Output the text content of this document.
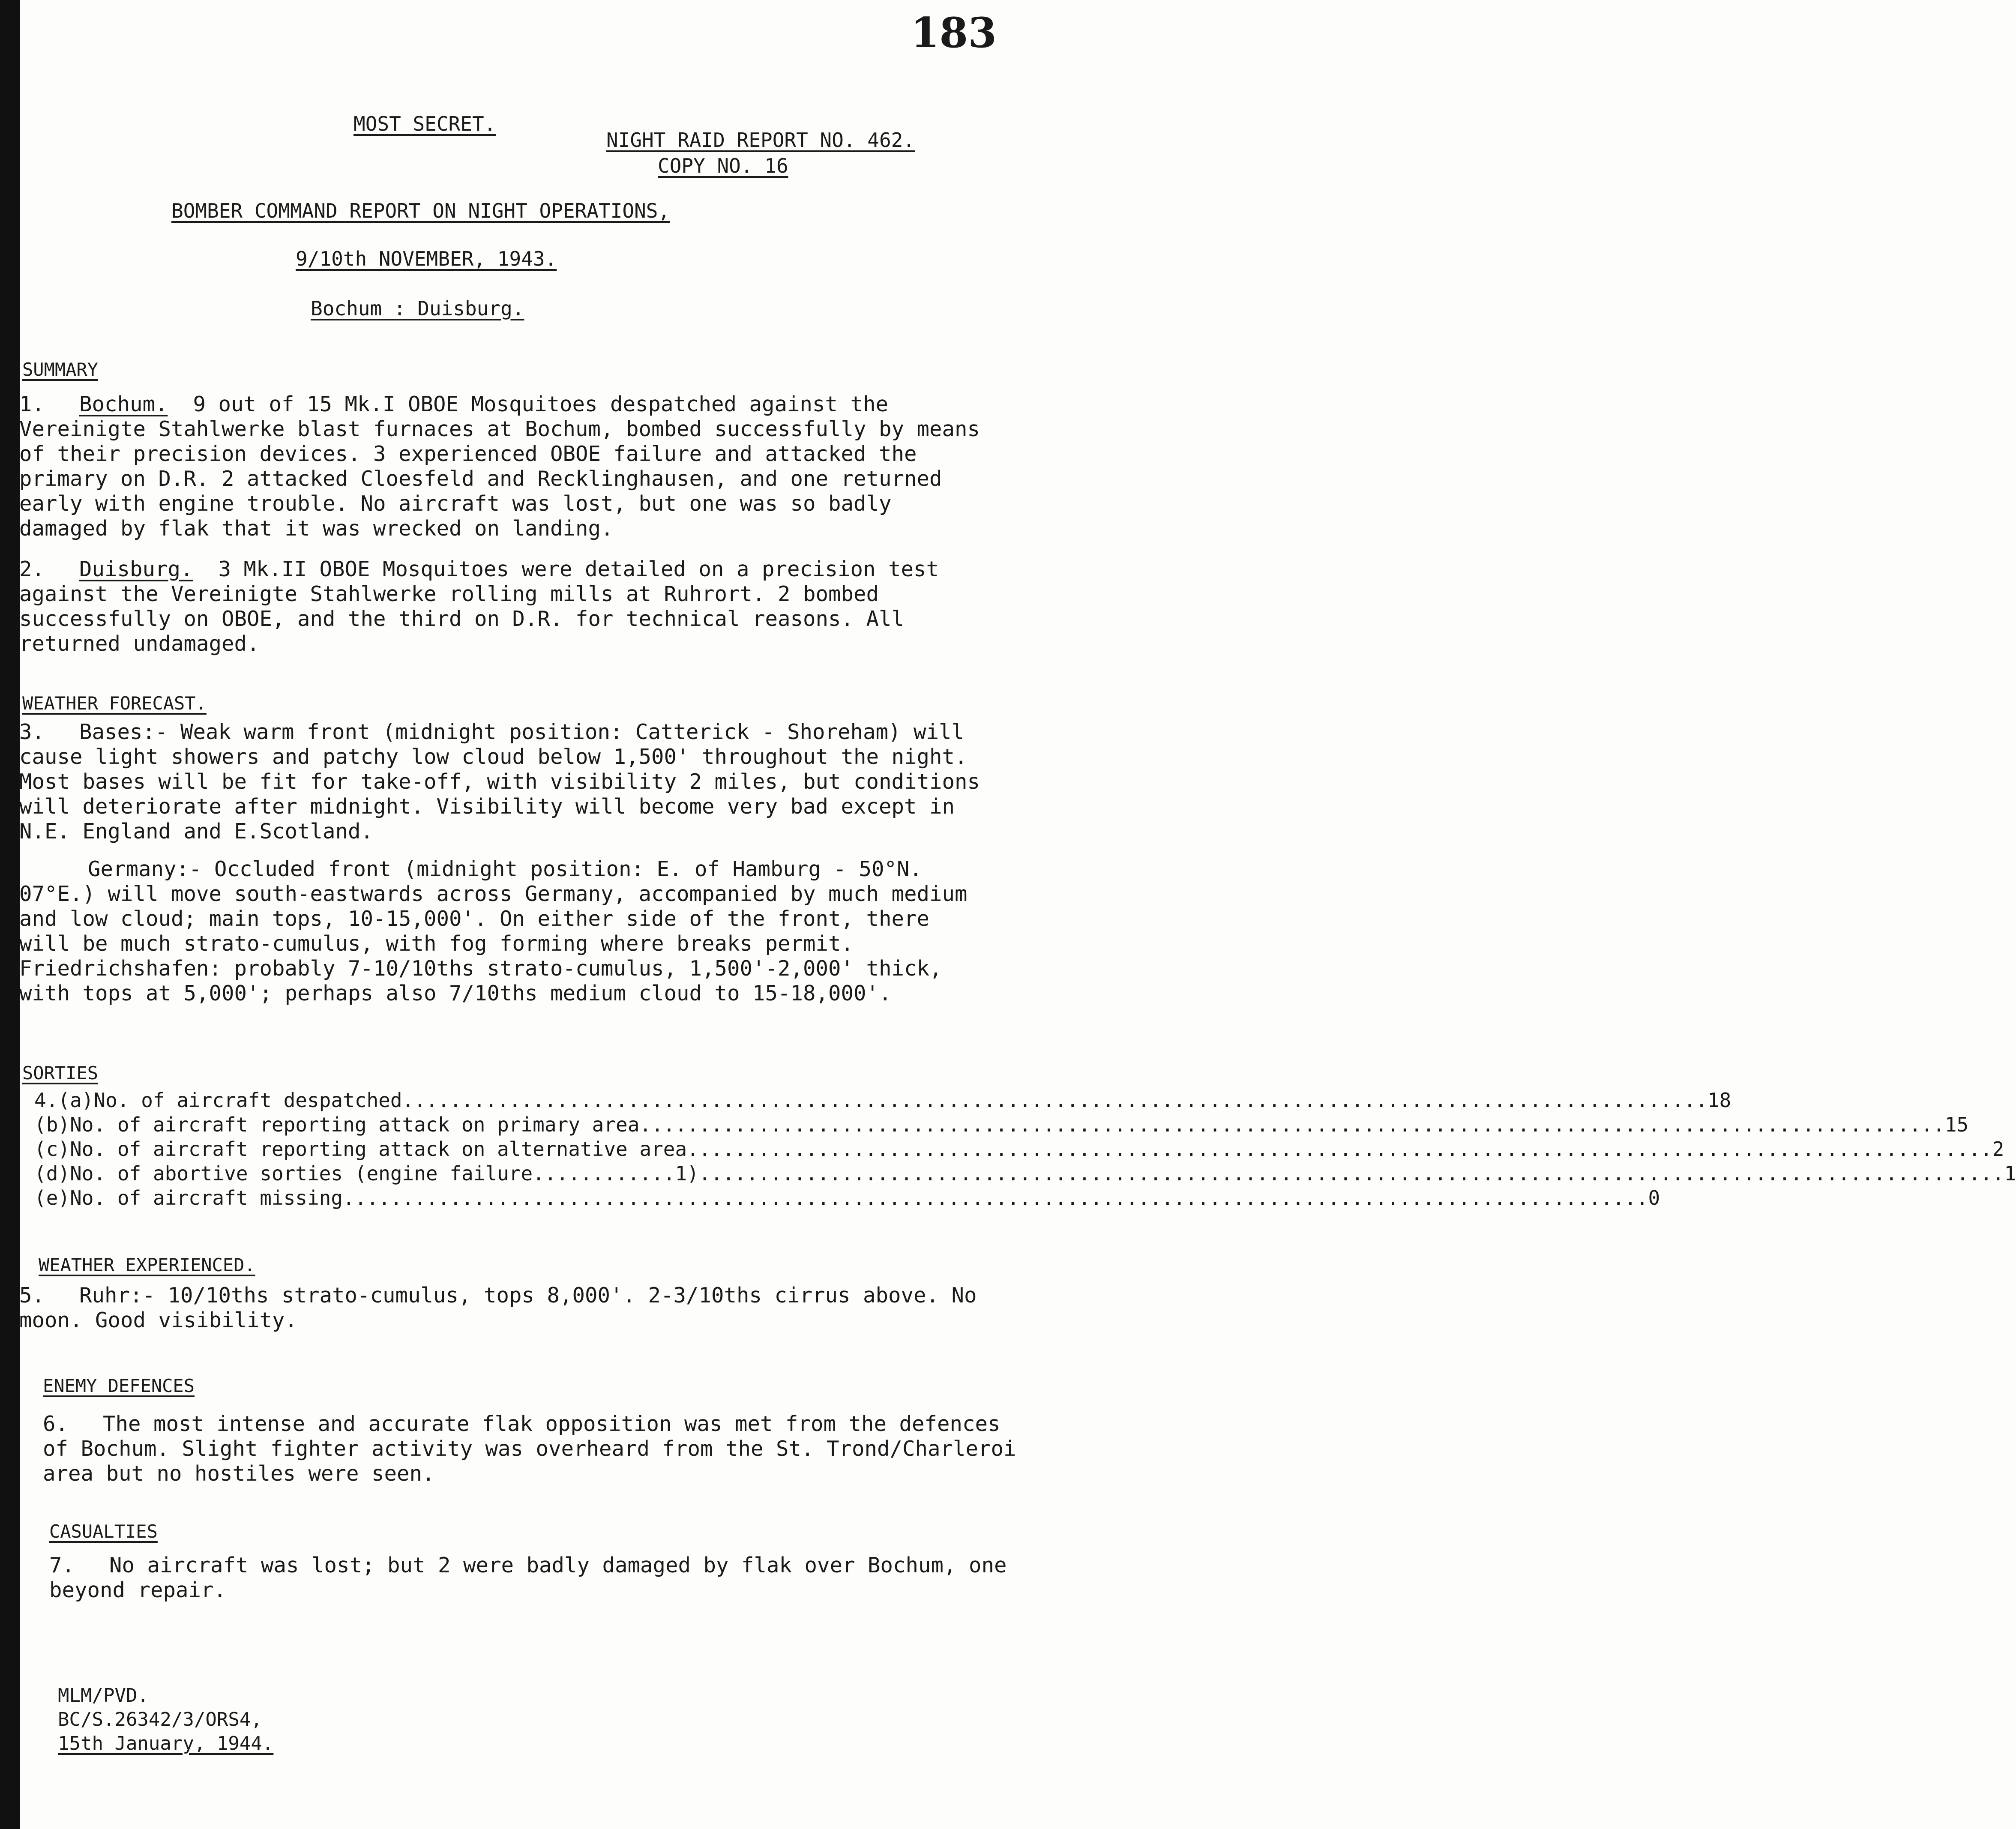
183
MOST SECRET.
NIGHT RAID REPORT NO. 462.
COPY NO. 16
BOMBER COMMAND REPORT ON NIGHT OPERATIONS,
9/10th NOVEMBER, 1943.
Bochum : Duisburg.
SUMMARY
1. Bochum. 9 out of 15 Mk.I OBOE Mosquitoes despatched against the Vereinigte Stahlwerke blast furnaces at Bochum, bombed successfully by means of their precision devices. 3 experienced OBOE failure and attacked the primary on D.R. 2 attacked Cloesfeld and Recklinghausen, and one returned early with engine trouble. No aircraft was lost, but one was so badly damaged by flak that it was wrecked on landing.
2. Duisburg. 3 Mk.II OBOE Mosquitoes were detailed on a precision test against the Vereinigte Stahlwerke rolling mills at Ruhrort. 2 bombed successfully on OBOE, and the third on D.R. for technical reasons. All returned undamaged.
WEATHER FORECAST.
3. Bases:- Weak warm front (midnight position: Catterick - Shoreham) will cause light showers and patchy low cloud below 1,500' throughout the night. Most bases will be fit for take-off, with visibility 2 miles, but conditions will deteriorate after midnight. Visibility will become very bad except in N.E. England and E.Scotland.
Germany:- Occluded front (midnight position: E. of Hamburg - 50°N. 07°E.) will move south-eastwards across Germany, accompanied by much medium and low cloud; main tops, 10-15,000'. On either side of the front, there will be much strato-cumulus, with fog forming where breaks permit. Friedrichshafen: probably 7-10/10ths strato-cumulus, 1,500'-2,000' thick, with tops at 5,000'; perhaps also 7/10ths medium cloud to 15-18,000'.
SORTIES
4. (a) No. of aircraft despatched .............................................................................................................. 18
(b) No. of aircraft reporting attack on primary area .............................................................................................................. 15
(c) No. of aircraft reporting attack on alternative area .............................................................................................................. 2
(d) No. of abortive sorties (engine failure ............ 1) .............................................................................................................. 1
(e) No. of aircraft missing .............................................................................................................. 0
WEATHER EXPERIENCED.
5. Ruhr:- 10/10ths strato-cumulus, tops 8,000'. 2-3/10ths cirrus above. No moon. Good visibility.
ENEMY DEFENCES
6. The most intense and accurate flak opposition was met from the defences of Bochum. Slight fighter activity was overheard from the St. Trond/Charleroi area but no hostiles were seen.
CASUALTIES
7. No aircraft was lost; but 2 were badly damaged by flak over Bochum, one beyond repair.
MLM/PVD.
BC/S.26342/3/ORS4,
15th January, 1944.
